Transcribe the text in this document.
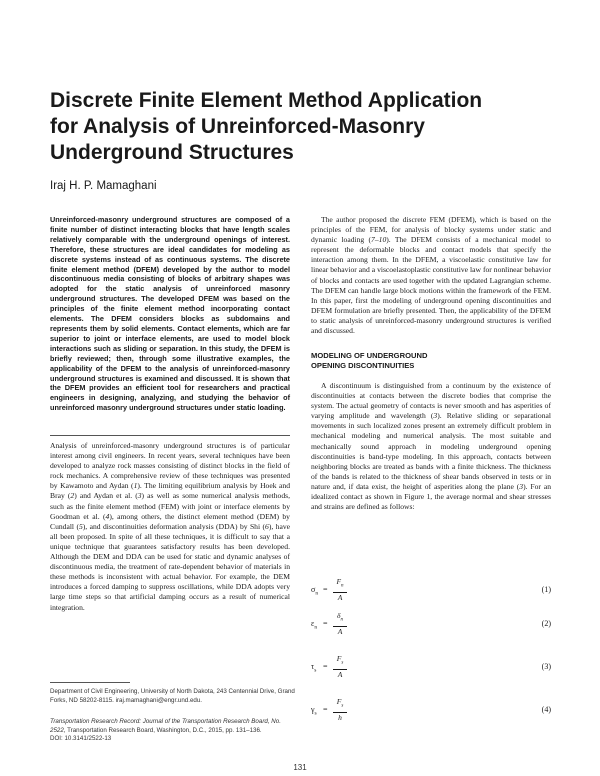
Discrete Finite Element Method Application
for Analysis of Unreinforced-Masonry
Underground Structures
Iraj H. P. Mamaghani
Unreinforced-masonry underground structures are composed of a finite number of distinct interacting blocks that have length scales relatively comparable with the underground openings of interest. Therefore, these structures are ideal candidates for modeling as discrete systems instead of as continuous systems. The discrete finite element method (DFEM) developed by the author to model discontinuous media consisting of blocks of arbitrary shapes was adopted for the static analysis of unreinforced masonry underground structures. The developed DFEM was based on the principles of the finite element method incorporating contact elements. The DFEM considers blocks as subdomains and represents them by solid elements. Contact elements, which are far superior to joint or interface elements, are used to model block interactions such as sliding or separation. In this study, the DFEM is briefly reviewed; then, through some illustrative examples, the applicability of the DFEM to the analysis of unreinforced-masonry underground structures is examined and discussed. It is shown that the DFEM provides an efficient tool for researchers and practical engineers in designing, analyzing, and studying the behavior of unreinforced masonry underground structures under static loading.
Analysis of unreinforced-masonry underground structures is of particular interest among civil engineers. In recent years, several techniques have been developed to analyze rock masses consisting of distinct blocks in the field of rock mechanics. A comprehensive review of these techniques was presented by Kawamoto and Aydan (1). The limiting equilibrium analysis by Hoek and Bray (2) and Aydan et al. (3) as well as some numerical analysis methods, such as the finite element method (FEM) with joint or interface elements by Goodman et al. (4), among others, the distinct element method (DEM) by Cundall (5), and discontinuities deformation analysis (DDA) by Shi (6), have all been proposed. In spite of all these techniques, it is difficult to say that a unique technique that guarantees satisfactory results has been developed. Although the DEM and DDA can be used for static and dynamic analyses of discontinuous media, the treatment of rate-dependent behavior of materials in these methods is inconsistent with actual behavior. For example, the DEM introduces a forced damping to suppress oscillations, while DDA adopts very large time steps so that artificial damping occurs as a result of numerical integration.
Department of Civil Engineering, University of North Dakota, 243 Centennial Drive, Grand Forks, ND 58202-8115. iraj.mamaghani@engr.und.edu.
Transportation Research Record: Journal of the Transportation Research Board, No. 2522, Transportation Research Board, Washington, D.C., 2015, pp. 131–136.
DOI: 10.3141/2522-13
The author proposed the discrete FEM (DFEM), which is based on the principles of the FEM, for analysis of blocky systems under static and dynamic loading (7–10). The DFEM consists of a mechanical model to represent the deformable blocks and contact models that specify the interaction among them. In the DFEM, a viscoelastic constitutive law for linear behavior and a viscoelastoplastic constitutive law for nonlinear behavior of blocks and contacts are used together with the updated Lagrangian scheme. The DFEM can handle large block motions within the framework of the FEM. In this paper, first the modeling of underground opening discontinuities and DFEM formulation are briefly presented. Then, the applicability of the DFEM to static analysis of unreinforced-masonry underground structures is verified and discussed.
MODELING OF UNDERGROUND
OPENING DISCONTINUITIES
A discontinuum is distinguished from a continuum by the existence of discontinuities at contacts between the discrete bodies that comprise the system. The actual geometry of contacts is never smooth and has asperities of varying amplitude and wavelength (3). Relative sliding or separational movements in such localized zones present an extremely difficult problem in mechanical modeling and numerical analysis. The most suitable and mechanically sound approach in modeling underground opening discontinuities is band-type modeling. In this approach, contacts between neighboring blocks are treated as bands with a finite thickness. The thickness of the bands is related to the thickness of shear bands observed in tests or in nature and, if data exist, the height of asperities along the plane (3). For an idealized contact as shown in Figure 1, the average normal and shear stresses and strains are defined as follows:
$\sigma_n = \frac{F_n}{A}$	(1)
$\varepsilon_n = \frac{\delta_n}{A}$	(2)
$\tau_s = \frac{F_s}{A}$	(3)
$\gamma_s = \frac{F_s}{h}$	(4)
131
